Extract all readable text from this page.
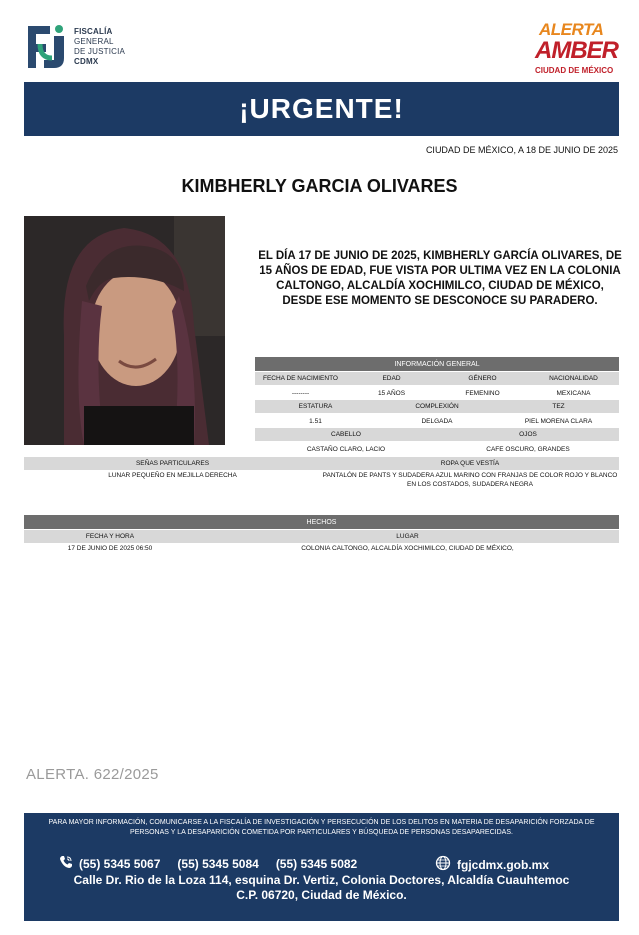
FISCALÍA
GENERAL
DE JUSTICIA
CDMX
ALERTA
AMBER
CIUDAD DE MÉXICO
¡URGENTE!
CIUDAD DE MÉXICO, A 18 DE JUNIO DE 2025
KIMBHERLY GARCIA OLIVARES
EL DÍA 17 DE JUNIO DE 2025, KIMBHERLY GARCÍA OLIVARES, DE 15 AÑOS DE EDAD, FUE VISTA POR ULTIMA VEZ EN LA COLONIA CALTONGO, ALCALDÍA XOCHIMILCO, CIUDAD DE MÉXICO, DESDE ESE MOMENTO SE DESCONOCE SU PARADERO.
INFORMACIÓN GENERAL
FECHA DE NACIMIENTO	EDAD	GÉNERO	NACIONALIDAD
--------	15 AÑOS	FEMENINO	MEXICANA
ESTATURA	COMPLEXIÓN	TEZ
1.51	DELGADA	PIEL MORENA CLARA
CABELLO	OJOS
CASTAÑO CLARO, LACIO	CAFE OSCURO, GRANDES
SEÑAS PARTICULARES	ROPA QUE VESTÍA
LUNAR PEQUEÑO EN MEJILLA DERECHA	PANTALÓN DE PANTS Y SUDADERA AZUL MARINO CON FRANJAS DE COLOR ROJO Y BLANCO EN LOS COSTADOS, SUDADERA NEGRA
HECHOS
FECHA Y HORA	LUGAR
17 DE JUNIO DE 2025 06:50	COLONIA CALTONGO, ALCALDÍA XOCHIMILCO, CIUDAD DE MÉXICO,
ALERTA. 622/2025
PARA MAYOR INFORMACIÓN, COMUNICARSE A LA FISCALÍA DE INVESTIGACIÓN Y PERSECUCIÓN DE LOS DELITOS EN MATERIA DE DESAPARICIÓN FORZADA DE PERSONAS Y LA DESAPARICIÓN COMETIDA POR PARTICULARES Y BÚSQUEDA DE PERSONAS DESAPARECIDAS.
(55) 5345 5067 (55) 5345 5084 (55) 5345 5082	fgjcdmx.gob.mx
Calle Dr. Rio de la Loza 114, esquina Dr. Vertiz, Colonia Doctores, Alcaldía Cuauhtemoc
C.P. 06720, Ciudad de México.
